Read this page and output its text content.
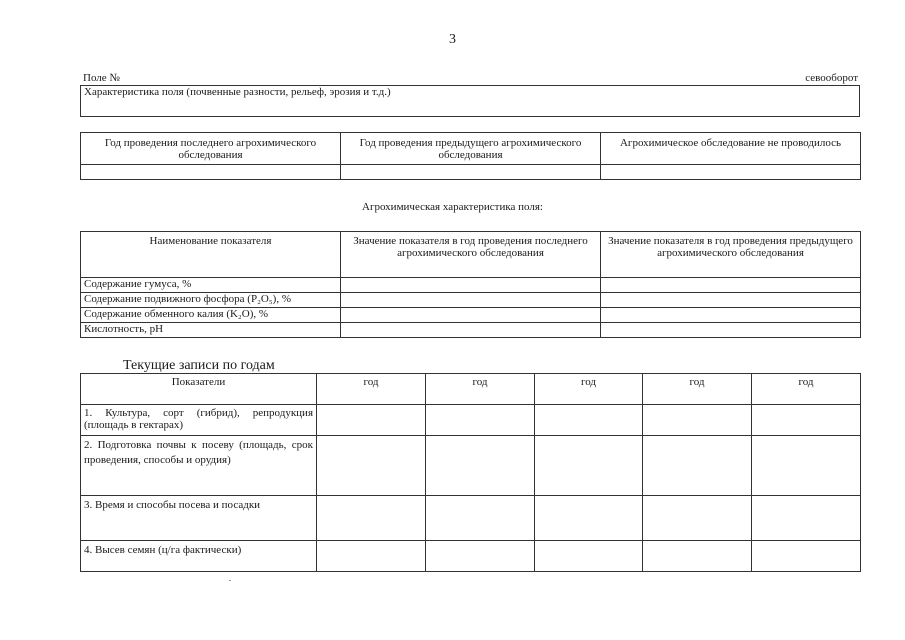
3
Поле №	севооборот
Характеристика поля (почвенные разности, рельеф, эрозия и т.д.)
Год проведения последнего агрохимического обследования	Год проведения предыдущего агрохимического обследования	Агрохимическое обследование не проводилось

Агрохимическая характеристика поля:
Наименование показателя	Значение показателя в год проведения последнего агрохимического обследования	Значение показателя в год проведения предыдущего агрохимического обследования
Содержание гумуса, %		
Содержание подвижного фосфора (P₂O₅), %		
Содержание обменного калия (K₂O), %		
Кислотность, pH		
Текущие записи по годам
Показатели	год	год	год	год	год
1. Культура, сорт (гибрид), репродукция (площадь в гектарах)					
2. Подготовка почвы к посеву (площадь, срок проведения, способы и орудия)					
3. Время и способы посева и посадки					
4. Высев семян (ц/га фактически)					
